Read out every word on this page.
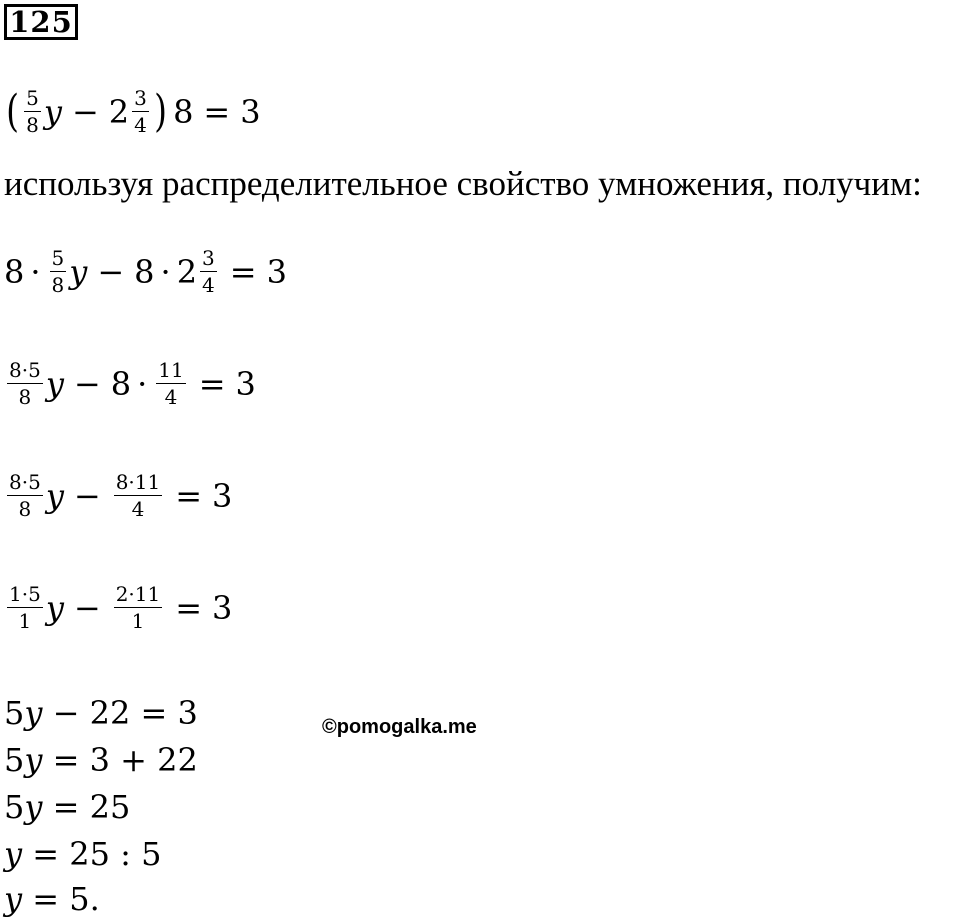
125
( $\frac{5}{8}$ $y - 2 \frac{3}{4}$ ) 8 = 3
используя распределительное свойство умножения, получим:
$8 \cdot \frac{5}{8}$ $y - 8 \cdot 2 \frac{3}{4} = 3$
$\frac{8\cdot 5}{8}$ $y - 8 \cdot \frac{11}{4} = 3$
$\frac{8\cdot 5}{8}$ $y - \frac{8\cdot 11}{4} = 3$
$\frac{1\cdot 5}{1}$ $y - \frac{2\cdot 11}{1} = 3$
5 y − 22 = 3
5 y = 3 + 22
5 y = 25
y = 25 : 5
y = 5.
©pomogalka.me
